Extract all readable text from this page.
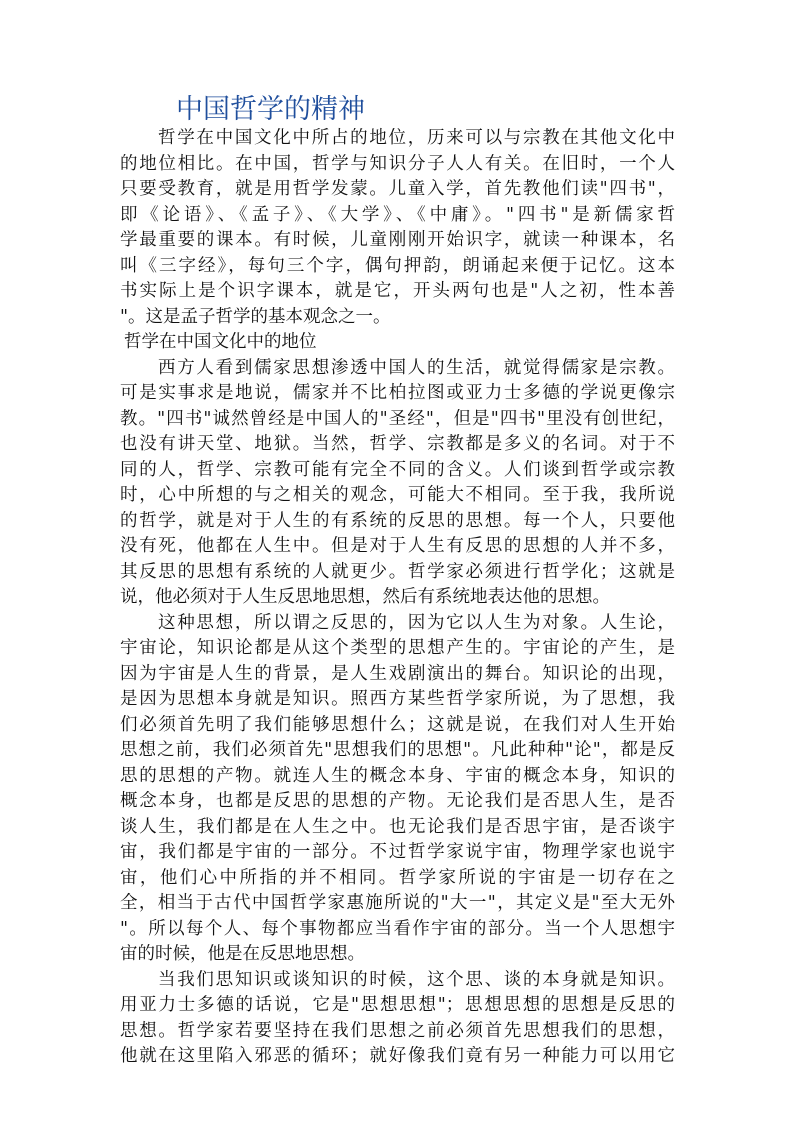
中国哲学的精神
哲学在中国文化中所占的地位，历来可以与宗教在其他文化中
的地位相比。在中国，哲学与知识分子人人有关。在旧时，一个人
只要受教育，就是用哲学发蒙。儿童入学，首先教他们读"四书"，
即《论语》、《孟子》、《大学》、《中庸》。"四书"是新儒家哲
学最重要的课本。有时候，儿童刚刚开始识字，就读一种课本，名
叫《三字经》，每句三个字，偶句押韵，朗诵起来便于记忆。这本
书实际上是个识字课本，就是它，开头两句也是"人之初，性本善
"。这是孟子哲学的基本观念之一。
哲学在中国文化中的地位
西方人看到儒家思想渗透中国人的生活，就觉得儒家是宗教。
可是实事求是地说，儒家并不比柏拉图或亚力士多德的学说更像宗
教。"四书"诚然曾经是中国人的"圣经"，但是"四书"里没有创世纪，
也没有讲天堂、地狱。当然，哲学、宗教都是多义的名词。对于不
同的人，哲学、宗教可能有完全不同的含义。人们谈到哲学或宗教
时，心中所想的与之相关的观念，可能大不相同。至于我，我所说
的哲学，就是对于人生的有系统的反思的思想。每一个人，只要他
没有死，他都在人生中。但是对于人生有反思的思想的人并不多，
其反思的思想有系统的人就更少。哲学家必须进行哲学化；这就是
说，他必须对于人生反思地思想，然后有系统地表达他的思想。
这种思想，所以谓之反思的，因为它以人生为对象。人生论，
宇宙论，知识论都是从这个类型的思想产生的。宇宙论的产生，是
因为宇宙是人生的背景，是人生戏剧演出的舞台。知识论的出现，
是因为思想本身就是知识。照西方某些哲学家所说，为了思想，我
们必须首先明了我们能够思想什么；这就是说，在我们对人生开始
思想之前，我们必须首先"思想我们的思想"。凡此种种"论"，都是反
思的思想的产物。就连人生的概念本身、宇宙的概念本身，知识的
概念本身，也都是反思的思想的产物。无论我们是否思人生，是否
谈人生，我们都是在人生之中。也无论我们是否思宇宙，是否谈宇
宙，我们都是宇宙的一部分。不过哲学家说宇宙，物理学家也说宇
宙，他们心中所指的并不相同。哲学家所说的宇宙是一切存在之
全，相当于古代中国哲学家惠施所说的"大一"，其定义是"至大无外
"。所以每个人、每个事物都应当看作宇宙的部分。当一个人思想宇
宙的时候，他是在反思地思想。
当我们思知识或谈知识的时候，这个思、谈的本身就是知识。
用亚力士多德的话说，它是"思想思想"；思想思想的思想是反思的
思想。哲学家若要坚持在我们思想之前必须首先思想我们的思想，
他就在这里陷入邪恶的循环；就好像我们竟有另一种能力可以用它
